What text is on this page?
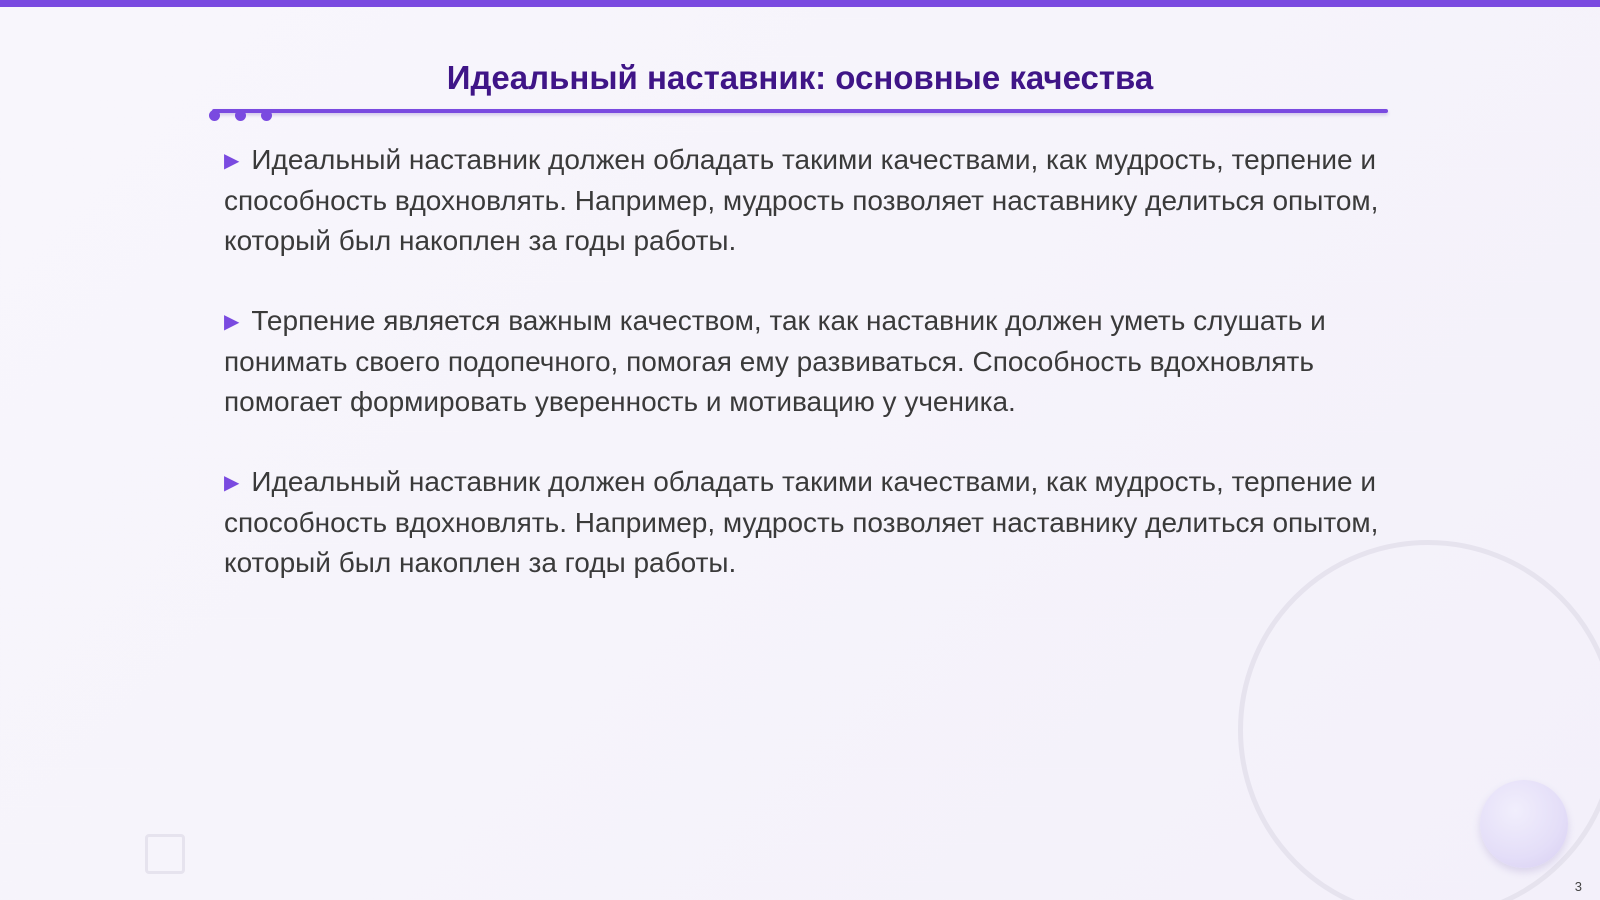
Идеальный наставник: основные качества

▶ Идеальный наставник должен обладать такими качествами, как мудрость, терпение и способность вдохновлять. Например, мудрость позволяет наставнику делиться опытом, который был накоплен за годы работы.

▶ Терпение является важным качеством, так как наставник должен уметь слушать и понимать своего подопечного, помогая ему развиваться. Способность вдохновлять помогает формировать уверенность и мотивацию у ученика.

▶ Идеальный наставник должен обладать такими качествами, как мудрость, терпение и способность вдохновлять. Например, мудрость позволяет наставнику делиться опытом, который был накоплен за годы работы.

3
